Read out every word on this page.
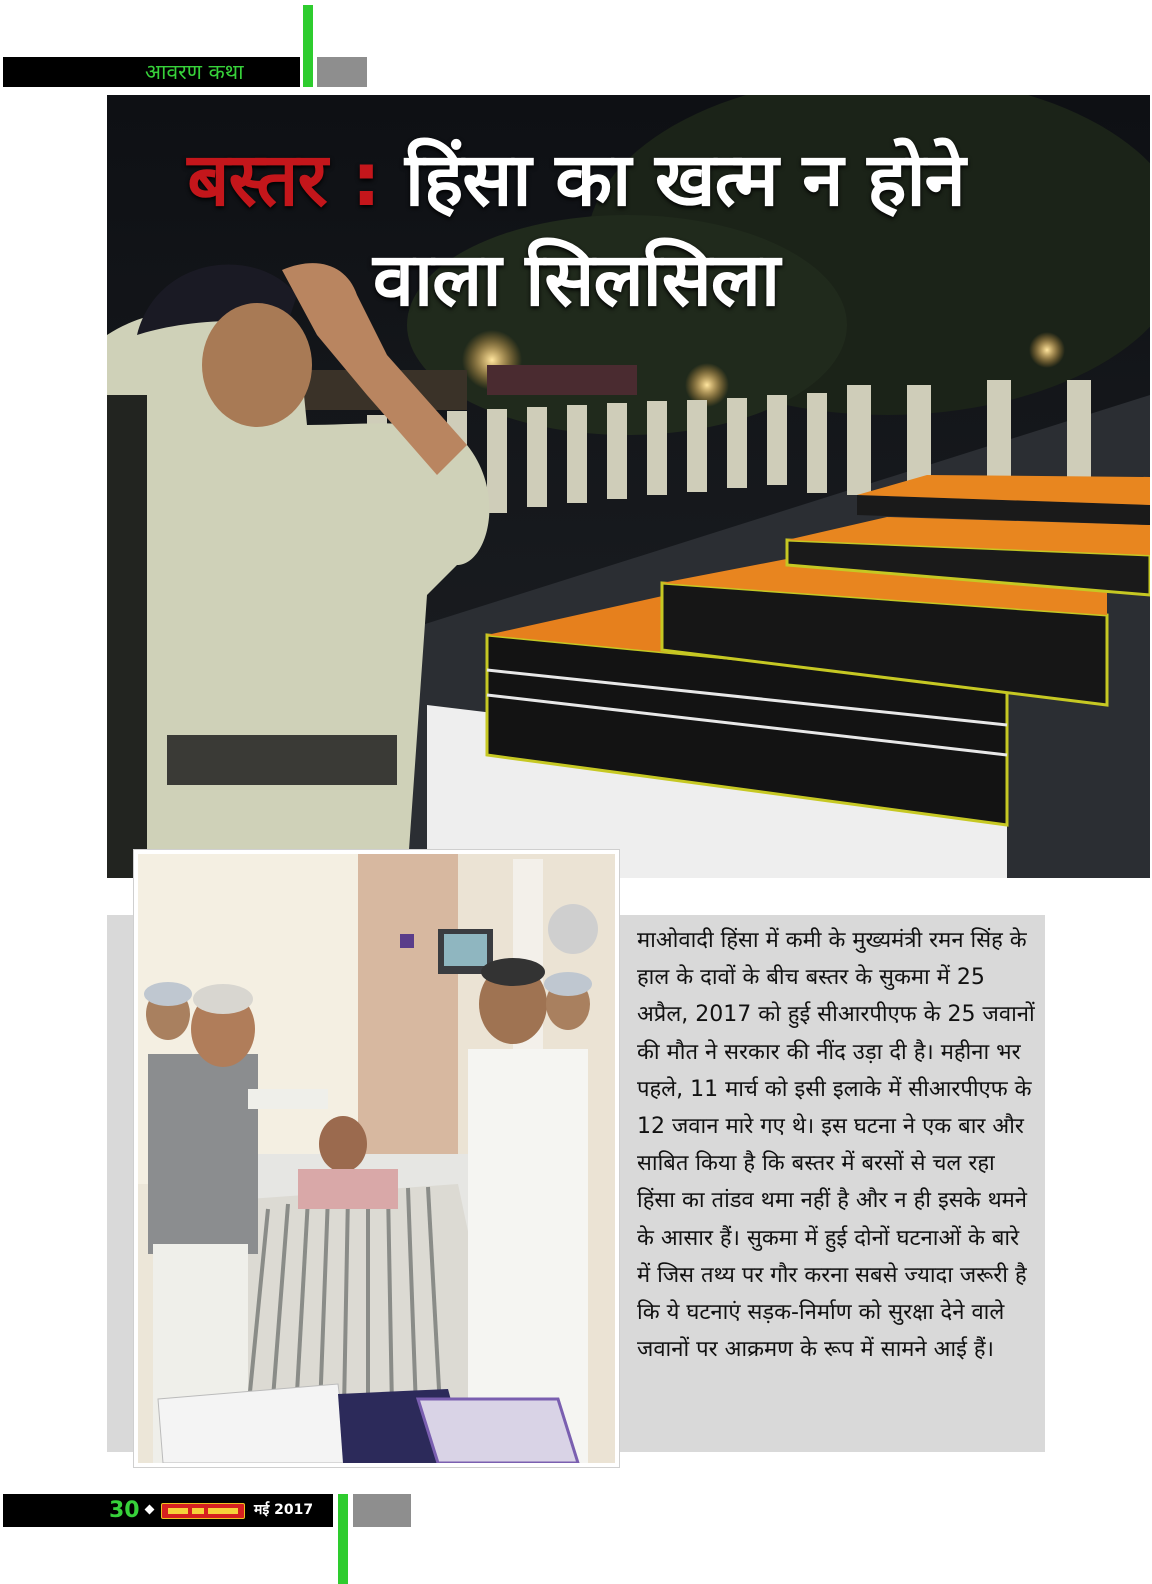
आवरण कथा
बस्तर : हिंसा का खत्म न होने
वाला सिलसिला
माओवादी हिंसा में कमी के मुख्यमंत्री रमन सिंह के हाल के दावों के बीच बस्तर के सुकमा में 25 अप्रैल, 2017 को हुई सीआरपीएफ के 25 जवानों की मौत ने सरकार की नींद उड़ा दी है। महीना भर पहले, 11 मार्च को इसी इलाके में सीआरपीएफ के 12 जवान मारे गए थे। इस घटना ने एक बार और साबित किया है कि बस्तर में बरसों से चल रहा हिंसा का तांडव थमा नहीं है और न ही इसके थमने के आसार हैं। सुकमा में हुई दोनों घटनाओं के बारे में जिस तथ्य पर गौर करना सबसे ज्यादा जरूरी है कि ये घटनाएं सड़क-निर्माण को सुरक्षा देने वाले जवानों पर आक्रमण के रूप में सामने आई हैं।
30	मई 2017
